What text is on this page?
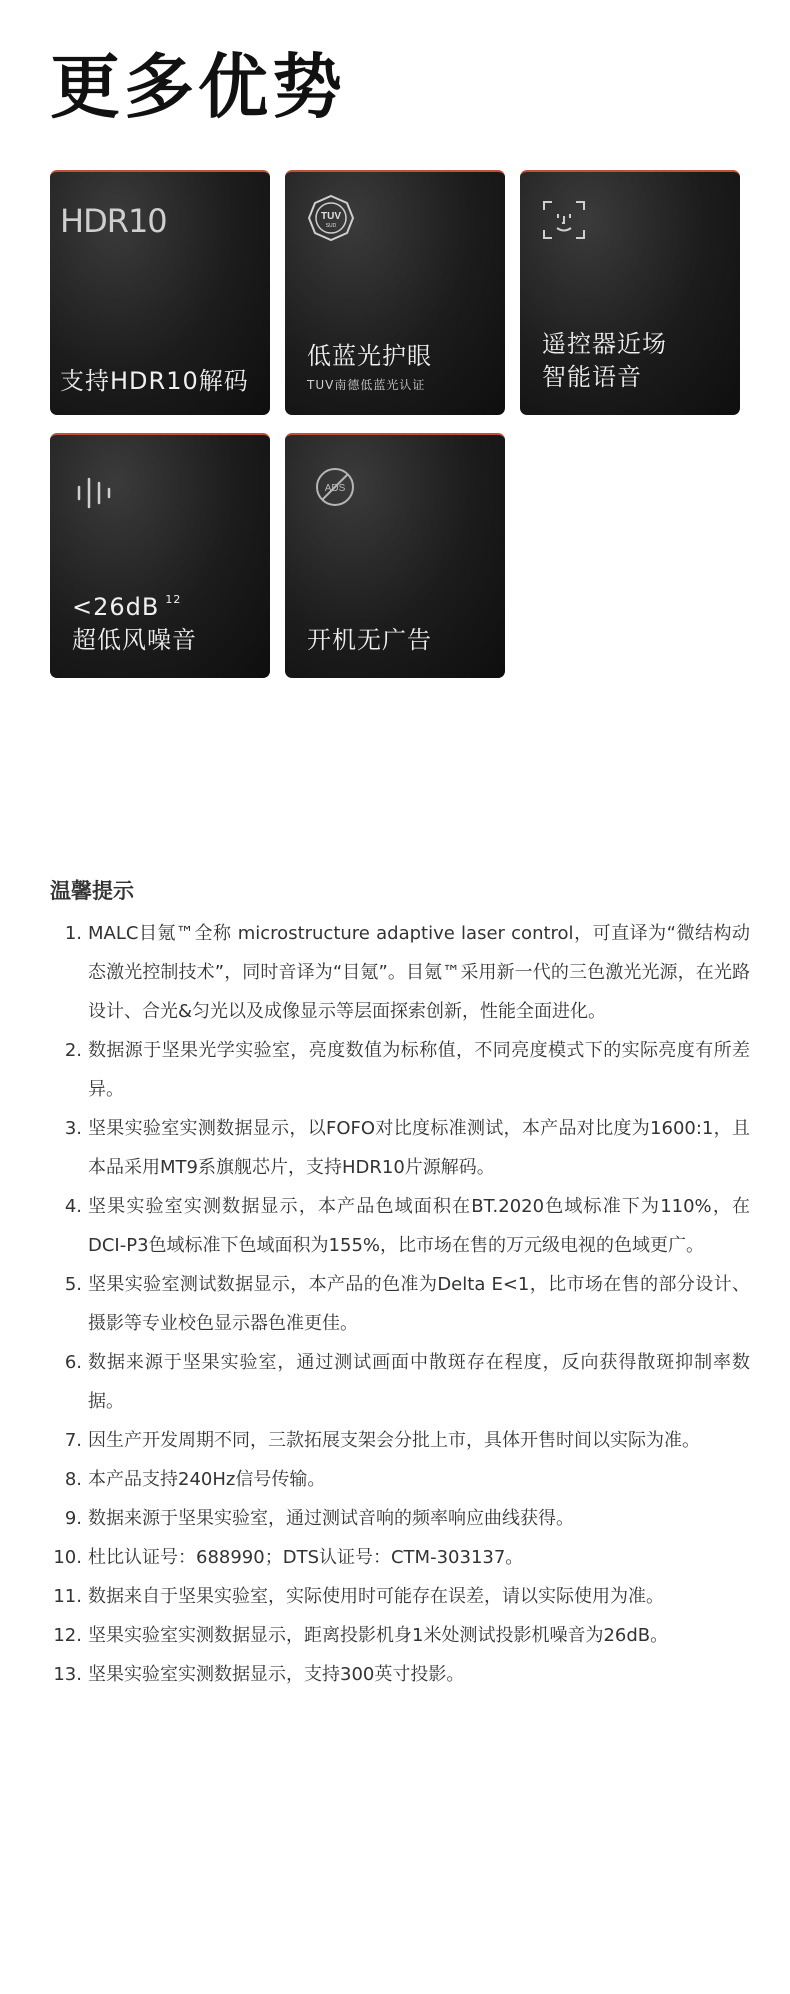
更多优势
HDR10
支持HDR10解码
TUV
SUD
低蓝光护眼
TUV南德低蓝光认证
遥控器近场
智能语音
<26dB $^{12}$
超低风噪音
ADS
开机无广告
温馨提示
1. MALC目氪™全称 microstructure adaptive laser control，可直译为“微结构动态激光控制技术”，同时音译为“目氪”。目氪™采用新一代的三色激光光源，在光路设计、合光&匀光以及成像显示等层面探索创新，性能全面进化。
2. 数据源于坚果光学实验室，亮度数值为标称值，不同亮度模式下的实际亮度有所差异。
3. 坚果实验室实测数据显示，以FOFO对比度标准测试，本产品对比度为1600:1，且本品采用MT9系旗舰芯片，支持HDR10片源解码。
4. 坚果实验室实测数据显示，本产品色域面积在BT.2020色域标准下为110%，在DCI-P3色域标准下色域面积为155%，比市场在售的万元级电视的色域更广。
5. 坚果实验室测试数据显示，本产品的色准为Delta E<1，比市场在售的部分设计、摄影等专业校色显示器色准更佳。
6. 数据来源于坚果实验室，通过测试画面中散斑存在程度，反向获得散斑抑制率数据。
7. 因生产开发周期不同，三款拓展支架会分批上市，具体开售时间以实际为准。
8. 本产品支持240Hz信号传输。
9. 数据来源于坚果实验室，通过测试音响的频率响应曲线获得。
10. 杜比认证号：688990；DTS认证号：CTM-303137。
11. 数据来自于坚果实验室，实际使用时可能存在误差，请以实际使用为准。
12. 坚果实验室实测数据显示，距离投影机身1米处测试投影机噪音为26dB。
13. 坚果实验室实测数据显示，支持300英寸投影。
